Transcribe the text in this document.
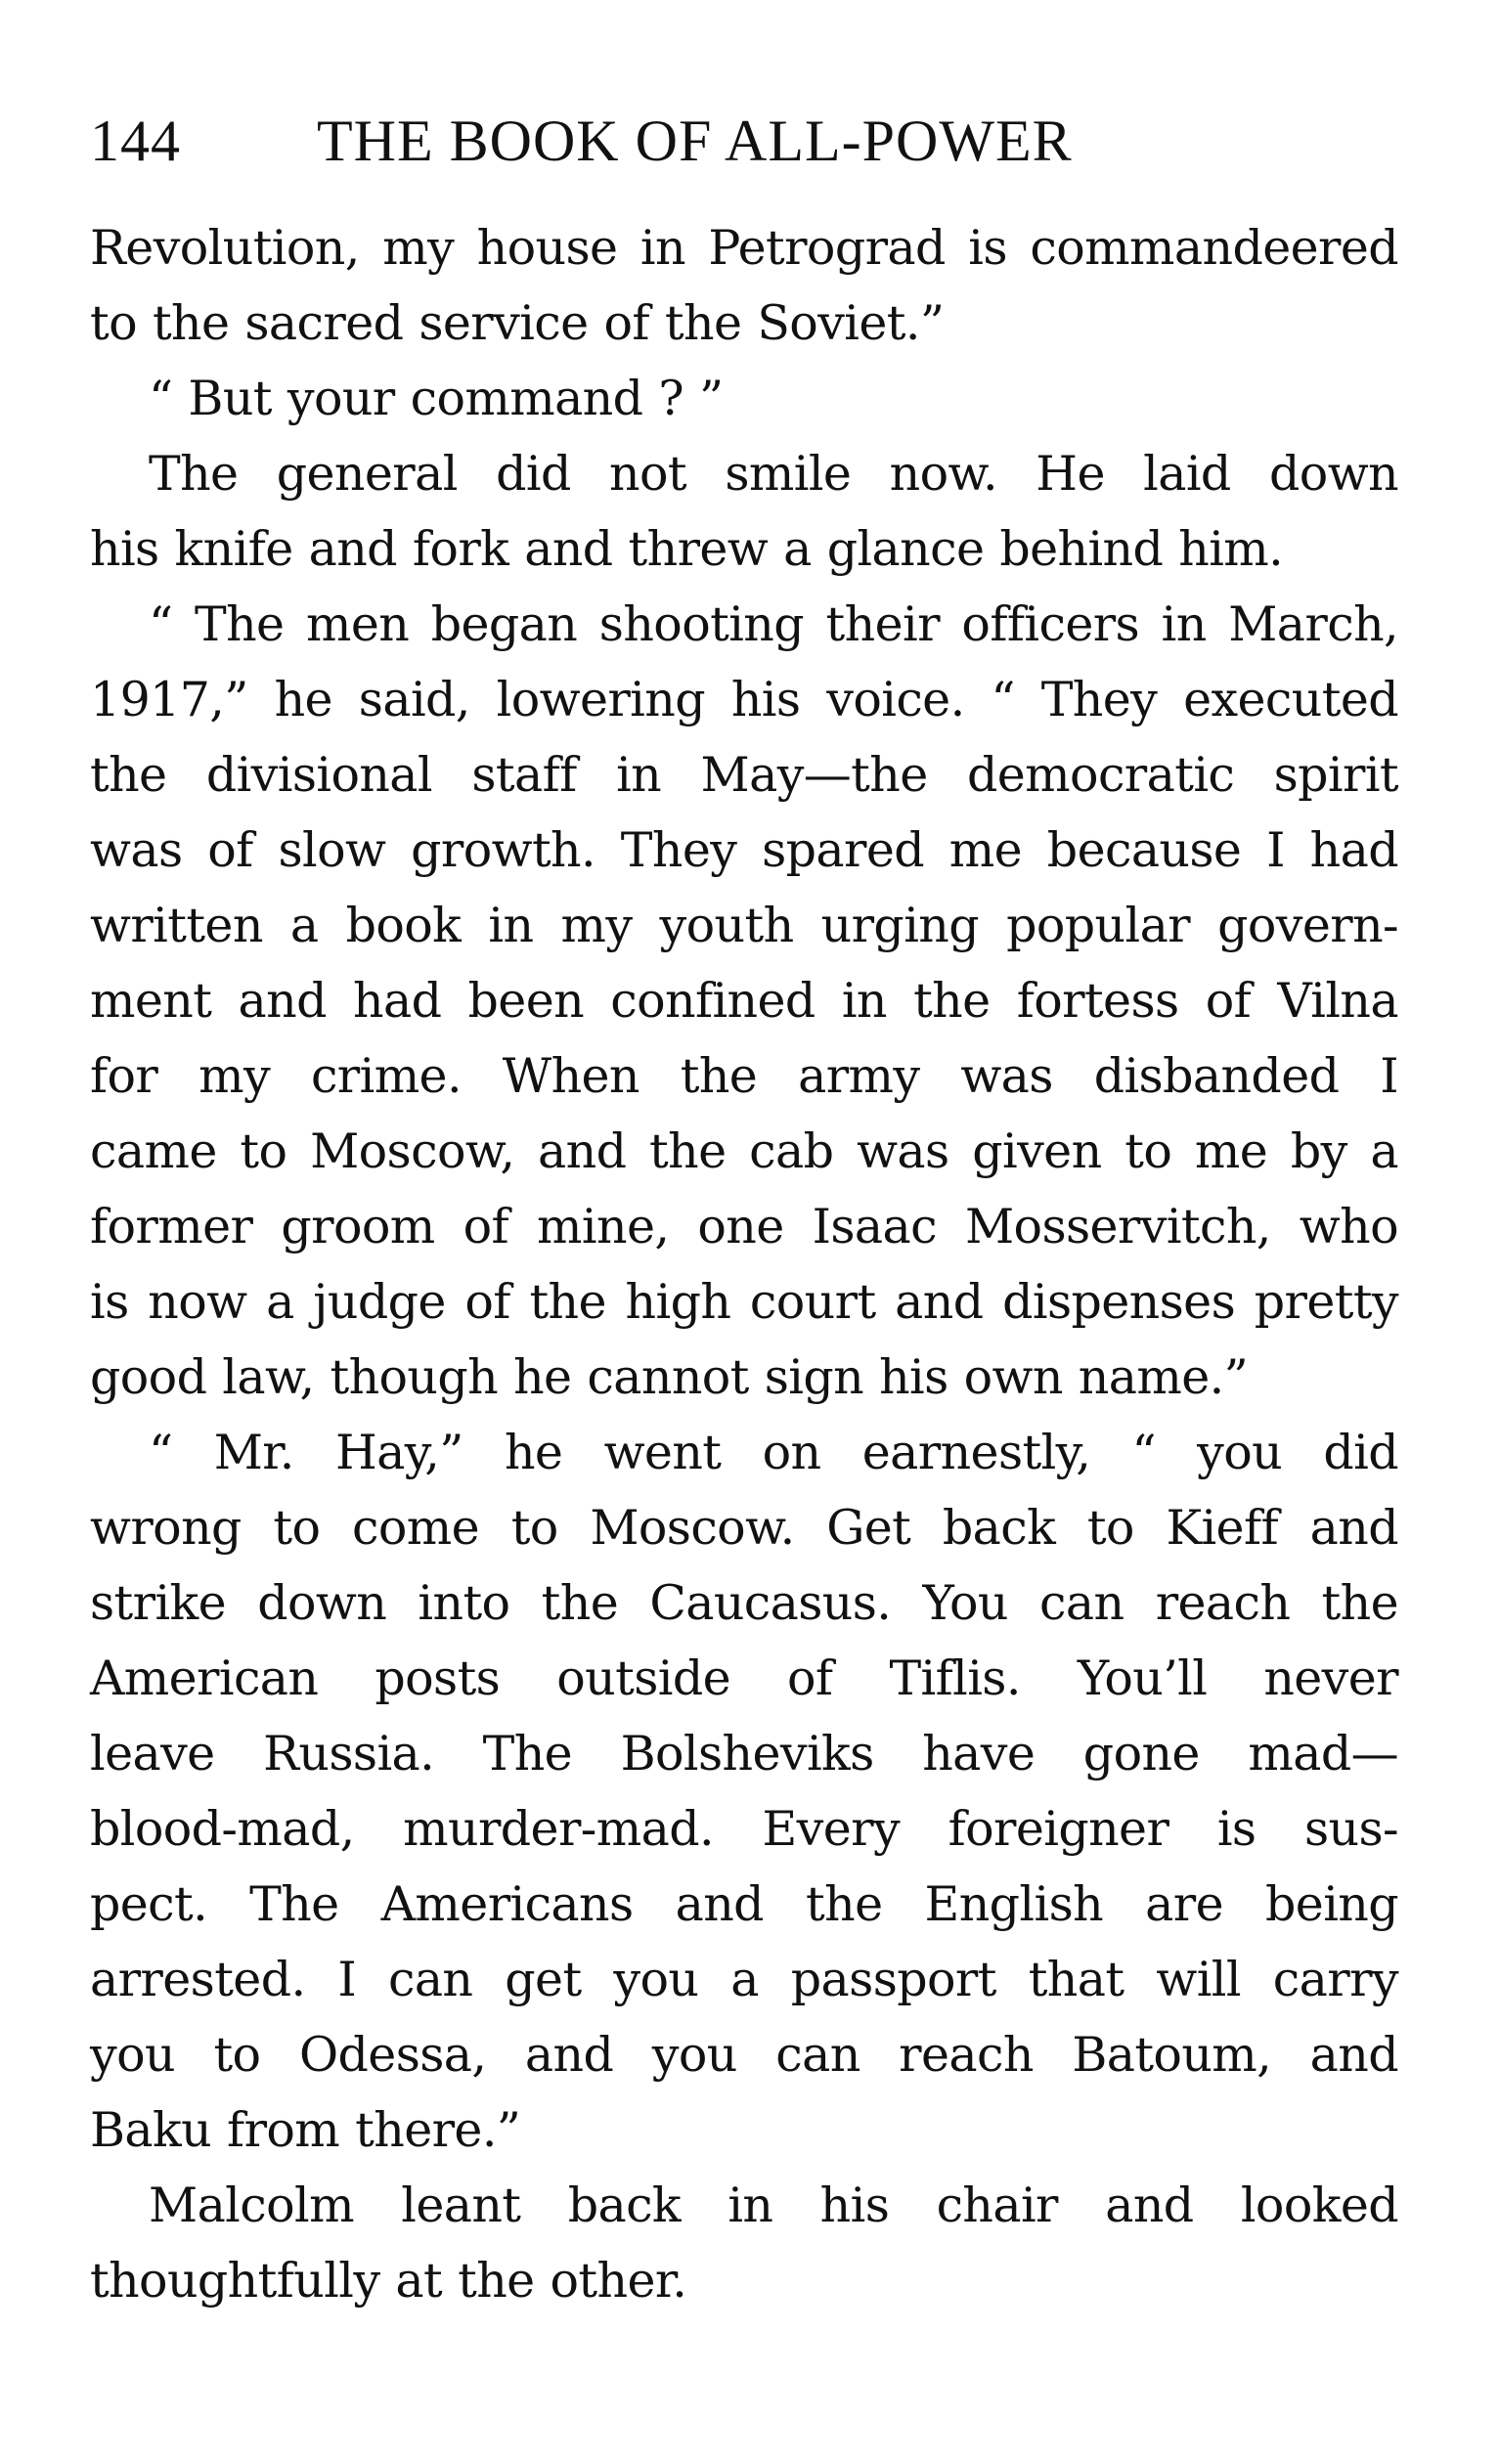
144 THE BOOK OF ALL-POWER
Revolution, my house in Petrograd is commandeered
to the sacred service of the Soviet.”
“ But your command ? ”
The general did not smile now. He laid down
his knife and fork and threw a glance behind him.
“ The men began shooting their officers in March,
1917,” he said, lowering his voice. “ They executed
the divisional staff in May—the democratic spirit
was of slow growth. They spared me because I had
written a book in my youth urging popular govern-
ment and had been confined in the fortess of Vilna
for my crime. When the army was disbanded I
came to Moscow, and the cab was given to me by a
former groom of mine, one Isaac Mosservitch, who
is now a judge of the high court and dispenses pretty
good law, though he cannot sign his own name.”
“ Mr. Hay,” he went on earnestly, “ you did
wrong to come to Moscow. Get back to Kieff and
strike down into the Caucasus. You can reach the
American posts outside of Tiflis. You’ll never
leave Russia. The Bolsheviks have gone mad—
blood-mad, murder-mad. Every foreigner is sus-
pect. The Americans and the English are being
arrested. I can get you a passport that will carry
you to Odessa, and you can reach Batoum, and
Baku from there.”
Malcolm leant back in his chair and looked
thoughtfully at the other.
